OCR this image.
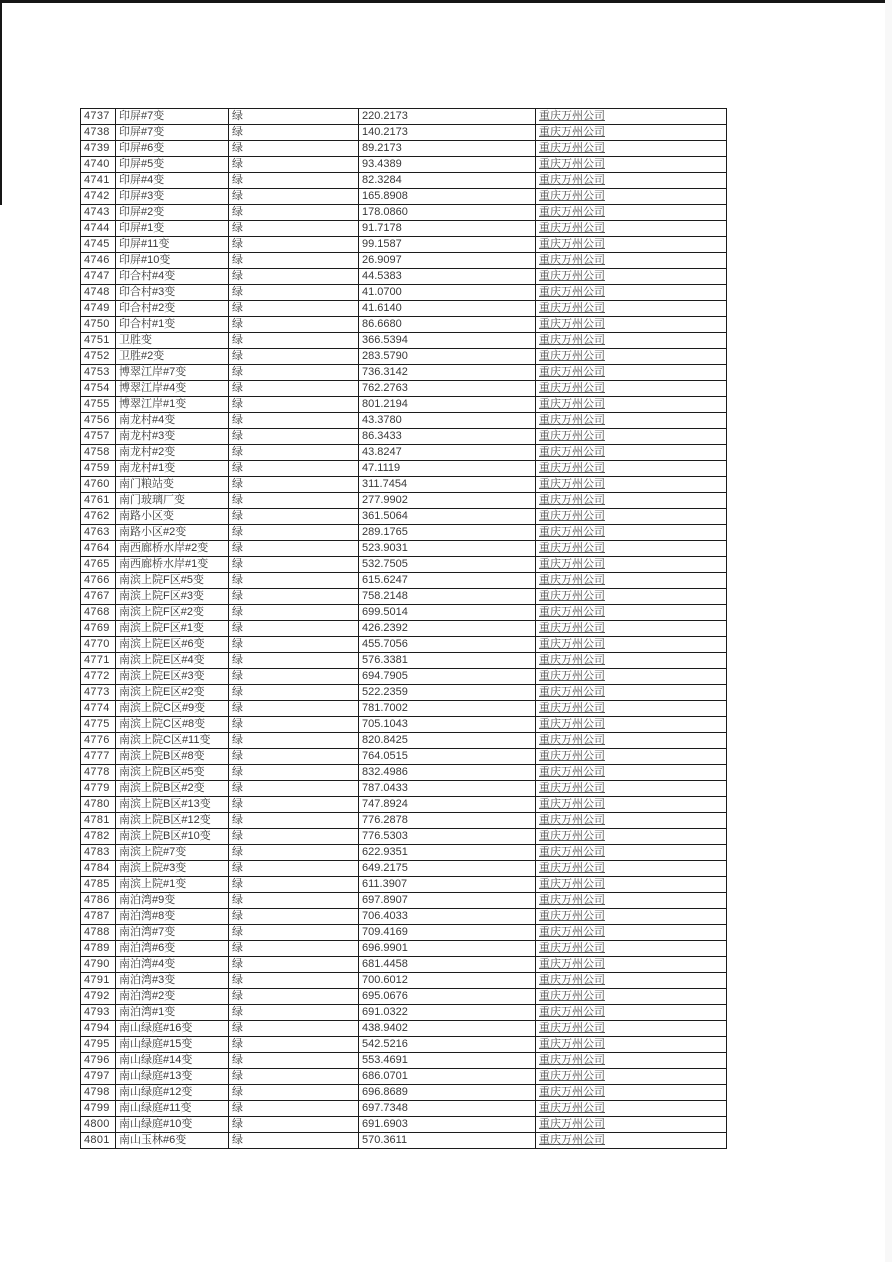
4737	印屏#7变	绿	220.2173	重庆万州公司
4738	印屏#7变	绿	140.2173	重庆万州公司
4739	印屏#6变	绿	89.2173	重庆万州公司
4740	印屏#5变	绿	93.4389	重庆万州公司
4741	印屏#4变	绿	82.3284	重庆万州公司
4742	印屏#3变	绿	165.8908	重庆万州公司
4743	印屏#2变	绿	178.0860	重庆万州公司
4744	印屏#1变	绿	91.7178	重庆万州公司
4745	印屏#11变	绿	99.1587	重庆万州公司
4746	印屏#10变	绿	26.9097	重庆万州公司
4747	印合村#4变	绿	44.5383	重庆万州公司
4748	印合村#3变	绿	41.0700	重庆万州公司
4749	印合村#2变	绿	41.6140	重庆万州公司
4750	印合村#1变	绿	86.6680	重庆万州公司
4751	卫胜变	绿	366.5394	重庆万州公司
4752	卫胜#2变	绿	283.5790	重庆万州公司
4753	博翠江岸#7变	绿	736.3142	重庆万州公司
4754	博翠江岸#4变	绿	762.2763	重庆万州公司
4755	博翠江岸#1变	绿	801.2194	重庆万州公司
4756	南龙村#4变	绿	43.3780	重庆万州公司
4757	南龙村#3变	绿	86.3433	重庆万州公司
4758	南龙村#2变	绿	43.8247	重庆万州公司
4759	南龙村#1变	绿	47.1119	重庆万州公司
4760	南门粮站变	绿	311.7454	重庆万州公司
4761	南门玻璃厂变	绿	277.9902	重庆万州公司
4762	南路小区变	绿	361.5064	重庆万州公司
4763	南路小区#2变	绿	289.1765	重庆万州公司
4764	南西廊桥水岸#2变	绿	523.9031	重庆万州公司
4765	南西廊桥水岸#1变	绿	532.7505	重庆万州公司
4766	南滨上院F区#5变	绿	615.6247	重庆万州公司
4767	南滨上院F区#3变	绿	758.2148	重庆万州公司
4768	南滨上院F区#2变	绿	699.5014	重庆万州公司
4769	南滨上院F区#1变	绿	426.2392	重庆万州公司
4770	南滨上院E区#6变	绿	455.7056	重庆万州公司
4771	南滨上院E区#4变	绿	576.3381	重庆万州公司
4772	南滨上院E区#3变	绿	694.7905	重庆万州公司
4773	南滨上院E区#2变	绿	522.2359	重庆万州公司
4774	南滨上院C区#9变	绿	781.7002	重庆万州公司
4775	南滨上院C区#8变	绿	705.1043	重庆万州公司
4776	南滨上院C区#11变	绿	820.8425	重庆万州公司
4777	南滨上院B区#8变	绿	764.0515	重庆万州公司
4778	南滨上院B区#5变	绿	832.4986	重庆万州公司
4779	南滨上院B区#2变	绿	787.0433	重庆万州公司
4780	南滨上院B区#13变	绿	747.8924	重庆万州公司
4781	南滨上院B区#12变	绿	776.2878	重庆万州公司
4782	南滨上院B区#10变	绿	776.5303	重庆万州公司
4783	南滨上院#7变	绿	622.9351	重庆万州公司
4784	南滨上院#3变	绿	649.2175	重庆万州公司
4785	南滨上院#1变	绿	611.3907	重庆万州公司
4786	南泊湾#9变	绿	697.8907	重庆万州公司
4787	南泊湾#8变	绿	706.4033	重庆万州公司
4788	南泊湾#7变	绿	709.4169	重庆万州公司
4789	南泊湾#6变	绿	696.9901	重庆万州公司
4790	南泊湾#4变	绿	681.4458	重庆万州公司
4791	南泊湾#3变	绿	700.6012	重庆万州公司
4792	南泊湾#2变	绿	695.0676	重庆万州公司
4793	南泊湾#1变	绿	691.0322	重庆万州公司
4794	南山绿庭#16变	绿	438.9402	重庆万州公司
4795	南山绿庭#15变	绿	542.5216	重庆万州公司
4796	南山绿庭#14变	绿	553.4691	重庆万州公司
4797	南山绿庭#13变	绿	686.0701	重庆万州公司
4798	南山绿庭#12变	绿	696.8689	重庆万州公司
4799	南山绿庭#11变	绿	697.7348	重庆万州公司
4800	南山绿庭#10变	绿	691.6903	重庆万州公司
4801	南山玉林#6变	绿	570.3611	重庆万州公司
